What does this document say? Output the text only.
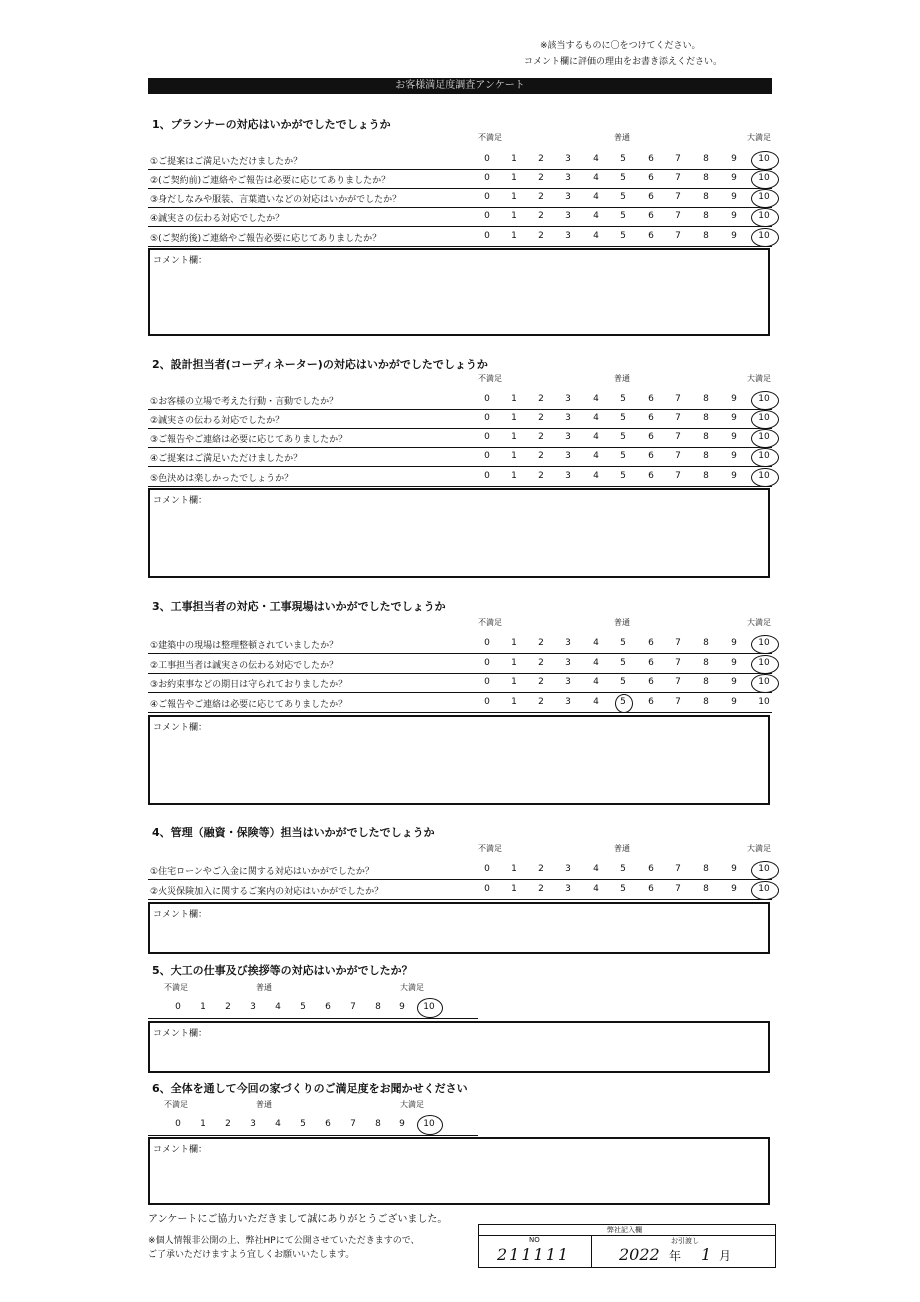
※該当するものに〇をつけてください。
コメント欄に評価の理由をお書き添えください。
お客様満足度調査アンケート
1、プランナーの対応はいかがでしたでしょうか
不満足	普通	大満足
①ご提案はご満足いただけましたか？	0	1	2	3	4	5	6	7	8	9	10
②(ご契約前)ご連絡やご報告は必要に応じてありましたか？	0	1	2	3	4	5	6	7	8	9	10
③身だしなみや服装、言葉遣いなどの対応はいかがでしたか？	0	1	2	3	4	5	6	7	8	9	10
④誠実さの伝わる対応でしたか？	0	1	2	3	4	5	6	7	8	9	10
⑤(ご契約後)ご連絡やご報告必要に応じてありましたか？	0	1	2	3	4	5	6	7	8	9	10
コメント欄：
2、設計担当者(コーディネーター)の対応はいかがでしたでしょうか
不満足	普通	大満足
①お客様の立場で考えた行動・言動でしたか？	0	1	2	3	4	5	6	7	8	9	10
②誠実さの伝わる対応でしたか？	0	1	2	3	4	5	6	7	8	9	10
③ご報告やご連絡は必要に応じてありましたか？	0	1	2	3	4	5	6	7	8	9	10
④ご提案はご満足いただけましたか？	0	1	2	3	4	5	6	7	8	9	10
⑤色決めは楽しかったでしょうか？	0	1	2	3	4	5	6	7	8	9	10
コメント欄：
3、工事担当者の対応・工事現場はいかがでしたでしょうか
不満足	普通	大満足
①建築中の現場は整理整頓されていましたか？	0	1	2	3	4	5	6	7	8	9	10
②工事担当者は誠実さの伝わる対応でしたか？	0	1	2	3	4	5	6	7	8	9	10
③お約束事などの期日は守られておりましたか？	0	1	2	3	4	5	6	7	8	9	10
④ご報告やご連絡は必要に応じてありましたか？	0	1	2	3	4	5	6	7	8	9	10
コメント欄：
4、管理（融資・保険等）担当はいかがでしたでしょうか
不満足	普通	大満足
①住宅ローンやご入金に関する対応はいかがでしたか？	0	1	2	3	4	5	6	7	8	9	10
②火災保険加入に関するご案内の対応はいかがでしたか？	0	1	2	3	4	5	6	7	8	9	10
コメント欄：
5、大工の仕事及び挨拶等の対応はいかがでしたか？
不満足	普通	大満足
0	1	2	3	4	5	6	7	8	9	10
コメント欄：
6、全体を通して今回の家づくりのご満足度をお聞かせください
不満足	普通	大満足
0	1	2	3	4	5	6	7	8	9	10
コメント欄：
アンケートにご協力いただきまして誠にありがとうございました。
※個人情報非公開の上、弊社HPにて公開させていただきますので、
ご了承いただけますよう宜しくお願いいたします。
弊社記入欄
NO	お引渡し
211111	2022 年 1 月
